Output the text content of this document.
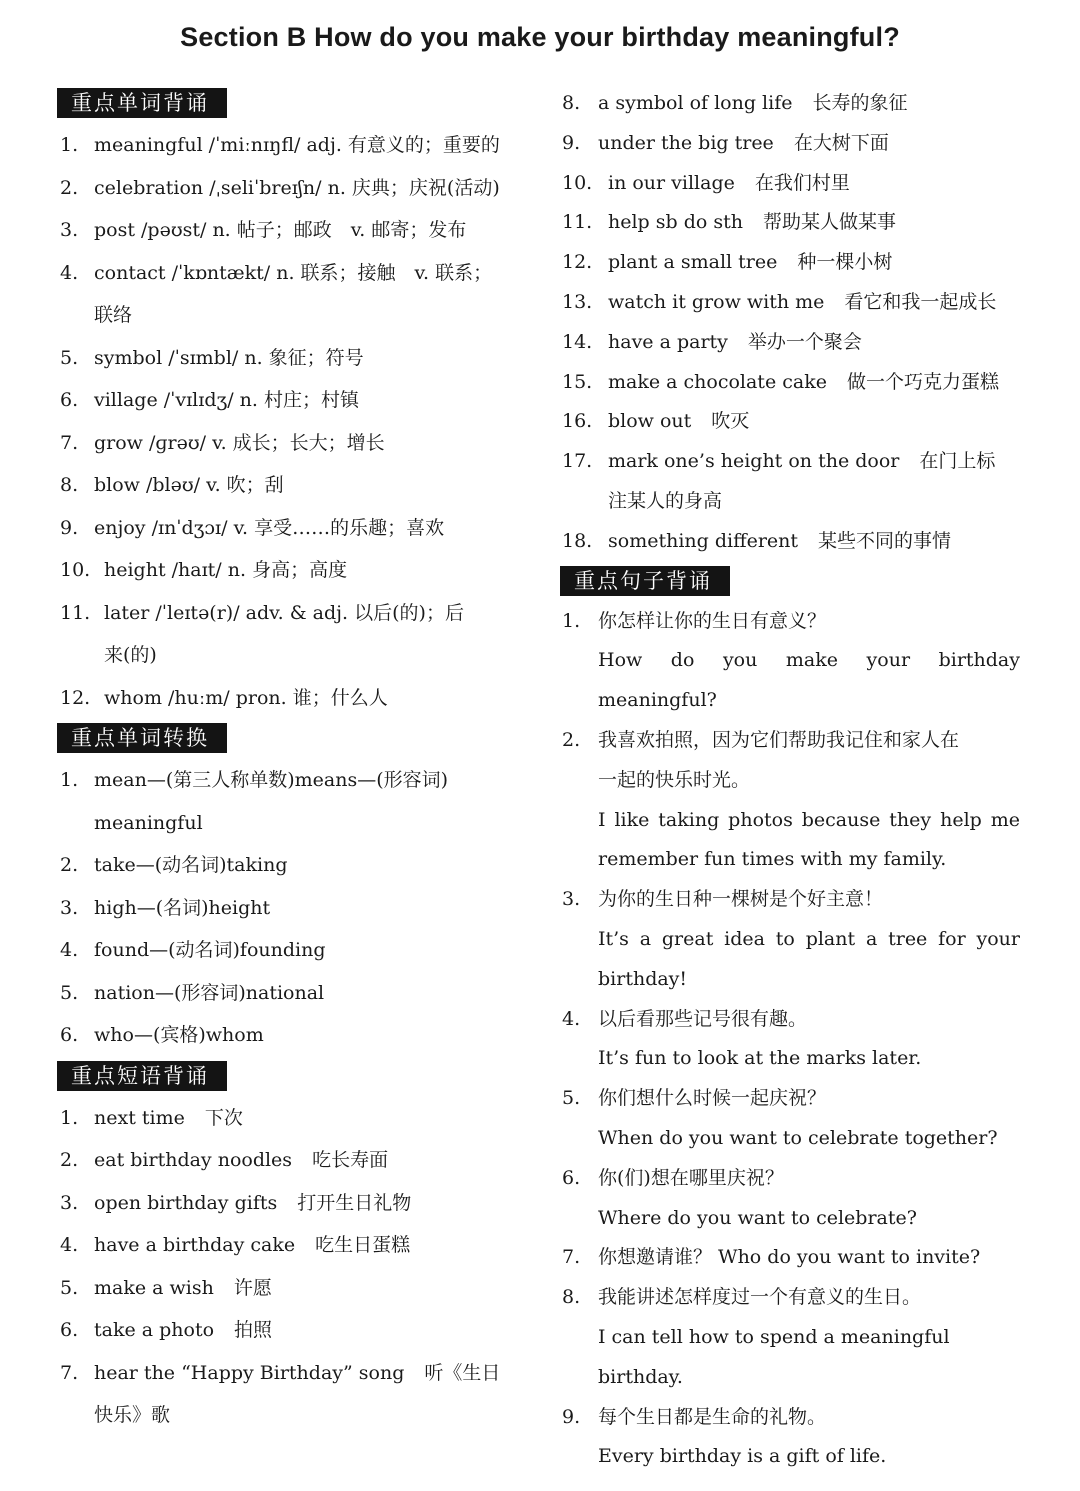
Section B How do you make your birthday meaningful?
重点单词背诵
1. meaningful /ˈmiːnɪŋfl/ adj. 有意义的；重要的
2. celebration /ˌseliˈbreɪʃn/ n. 庆典；庆祝(活动)
3. post /pəʊst/ n. 帖子；邮政　v. 邮寄；发布
4. contact /ˈkɒntækt/ n. 联系；接触　v. 联系；
联络
5. symbol /ˈsɪmbl/ n. 象征；符号
6. village /ˈvɪlɪdʒ/ n. 村庄；村镇
7. grow /ɡrəʊ/ v. 成长；长大；增长
8. blow /bləʊ/ v. 吹；刮
9. enjoy /ɪnˈdʒɔɪ/ v. 享受……的乐趣；喜欢
10. height /haɪt/ n. 身高；高度
11. later /ˈleɪtə(r)/ adv. & adj. 以后(的)；后
来(的)
12. whom /huːm/ pron. 谁；什么人
重点单词转换
1. mean—(第三人称单数)means—(形容词)
meaningful
2. take—(动名词)taking
3. high—(名词)height
4. found—(动名词)founding
5. nation—(形容词)national
6. who—(宾格)whom
重点短语背诵
1. next time 下次
2. eat birthday noodles 吃长寿面
3. open birthday gifts 打开生日礼物
4. have a birthday cake 吃生日蛋糕
5. make a wish 许愿
6. take a photo 拍照
7. hear the “Happy Birthday” song 听《生日
快乐》歌
8. a symbol of long life 长寿的象征
9. under the big tree 在大树下面
10. in our village 在我们村里
11. help sb do sth 帮助某人做某事
12. plant a small tree 种一棵小树
13. watch it grow with me 看它和我一起成长
14. have a party 举办一个聚会
15. make a chocolate cake 做一个巧克力蛋糕
16. blow out 吹灭
17. mark one’s height on the door 在门上标
注某人的身高
18. something different 某些不同的事情
重点句子背诵
1. 你怎样让你的生日有意义？
How do you make your birthday
meaningful?
2. 我喜欢拍照，因为它们帮助我记住和家人在
一起的快乐时光。
I like taking photos because they help me
remember fun times with my family.
3. 为你的生日种一棵树是个好主意！
It’s a great idea to plant a tree for your
birthday!
4. 以后看那些记号很有趣。
It’s fun to look at the marks later.
5. 你们想什么时候一起庆祝？
When do you want to celebrate together?
6. 你(们)想在哪里庆祝？
Where do you want to celebrate?
7. 你想邀请谁？ Who do you want to invite?
8. 我能讲述怎样度过一个有意义的生日。
I can tell how to spend a meaningful birthday.
9. 每个生日都是生命的礼物。
Every birthday is a gift of life.
